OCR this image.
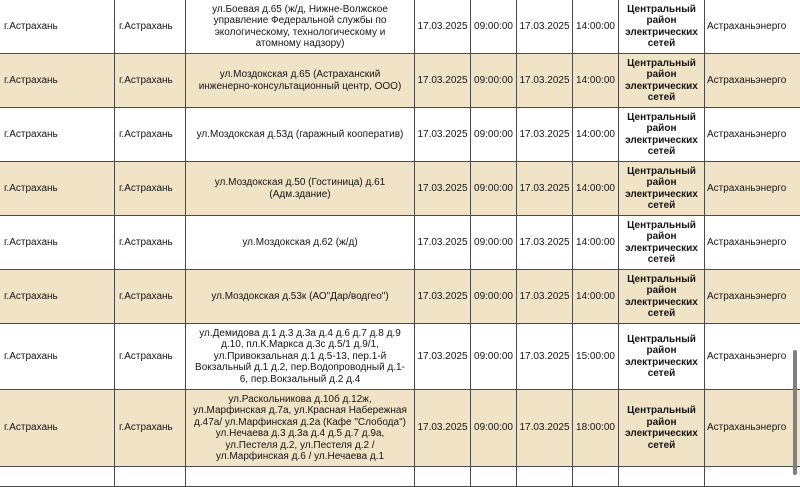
г.Астрахань	г.Астрахань	ул.Боевая д.65 (ж/д, Нижне-Волжское управление Федеральной службы по экологическому, технологическому и атомному надзору)	17.03.2025	09:00:00	17.03.2025	14:00:00	Центральный район электрических сетей	Астраханьэнерго
г.Астрахань	г.Астрахань	ул.Моздокская д.65 (Астраханский инженерно-консультационный центр, ООО)	17.03.2025	09:00:00	17.03.2025	14:00:00	Центральный район электрических сетей	Астраханьэнерго
г.Астрахань	г.Астрахань	ул.Моздокская д.53д (гаражный кооператив)	17.03.2025	09:00:00	17.03.2025	14:00:00	Центральный район электрических сетей	Астраханьэнерго
г.Астрахань	г.Астрахань	ул.Моздокская д.50 (Гостиница) д.61 (Адм.здание)	17.03.2025	09:00:00	17.03.2025	14:00:00	Центральный район электрических сетей	Астраханьэнерго
г.Астрахань	г.Астрахань	ул.Моздокская д.62 (ж/д)	17.03.2025	09:00:00	17.03.2025	14:00:00	Центральный район электрических сетей	Астраханьэнерго
г.Астрахань	г.Астрахань	ул.Моздокская д.53к (АО"Дар/водгео")	17.03.2025	09:00:00	17.03.2025	14:00:00	Центральный район электрических сетей	Астраханьэнерго
г.Астрахань	г.Астрахань	ул.Демидова д.1 д.3 д.3а д.4 д.6 д.7 д.8 д.9 д.10, пл.К.Маркса д.3с д.5/1 д.9/1, ул.Привокзальная д.1 д.5-13, пер.1-й Вокзальный д.1 д.2, пер.Водопроводный д.1-6, пер.Вокзальный д.2 д.4	17.03.2025	09:00:00	17.03.2025	15:00:00	Центральный район электрических сетей	Астраханьэнерго
г.Астрахань	г.Астрахань	ул.Раскольникова д.10б д.12ж, ул.Марфинская д.7а, ул.Красная Набережная д.47а/ ул.Марфинская д.2а (Кафе "Слобода") ул.Нечаева д.3 д.3а д.4 д.5 д.7 д.9а, ул.Пестеля д.2, ул.Пестеля д.2 / ул.Марфинская д.6 / ул.Нечаева д.1	17.03.2025	09:00:00	17.03.2025	18:00:00	Центральный район электрических сетей	Астраханьэнерго
